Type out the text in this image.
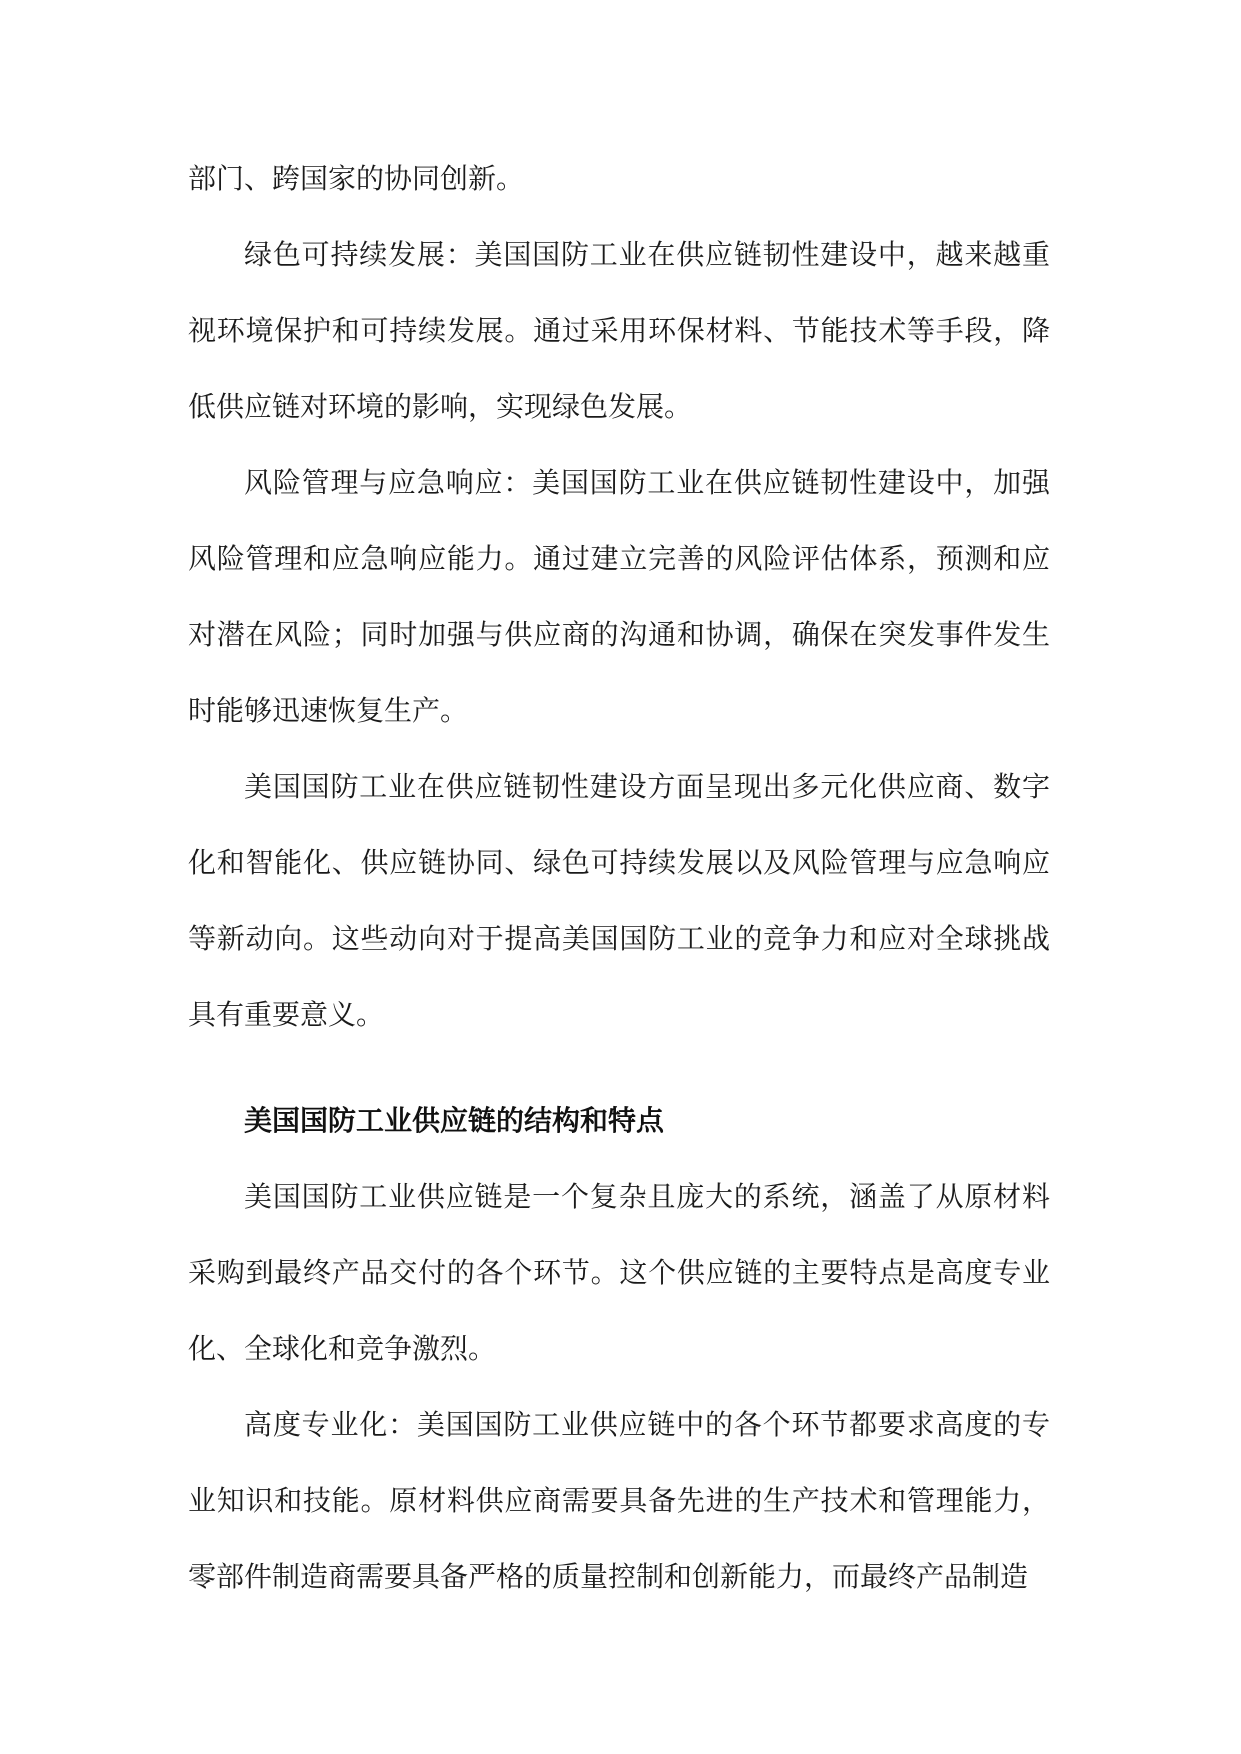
部门、跨国家的协同创新。

绿色可持续发展：美国国防工业在供应链韧性建设中，越来越重视环境保护和可持续发展。通过采用环保材料、节能技术等手段，降低供应链对环境的影响，实现绿色发展。

风险管理与应急响应：美国国防工业在供应链韧性建设中，加强风险管理和应急响应能力。通过建立完善的风险评估体系，预测和应对潜在风险；同时加强与供应商的沟通和协调，确保在突发事件发生时能够迅速恢复生产。

美国国防工业在供应链韧性建设方面呈现出多元化供应商、数字化和智能化、供应链协同、绿色可持续发展以及风险管理与应急响应等新动向。这些动向对于提高美国国防工业的竞争力和应对全球挑战具有重要意义。

美国国防工业供应链的结构和特点

美国国防工业供应链是一个复杂且庞大的系统，涵盖了从原材料采购到最终产品交付的各个环节。这个供应链的主要特点是高度专业化、全球化和竞争激烈。

高度专业化：美国国防工业供应链中的各个环节都要求高度的专业知识和技能。原材料供应商需要具备先进的生产技术和管理能力，零部件制造商需要具备严格的质量控制和创新能力，而最终产品制造
